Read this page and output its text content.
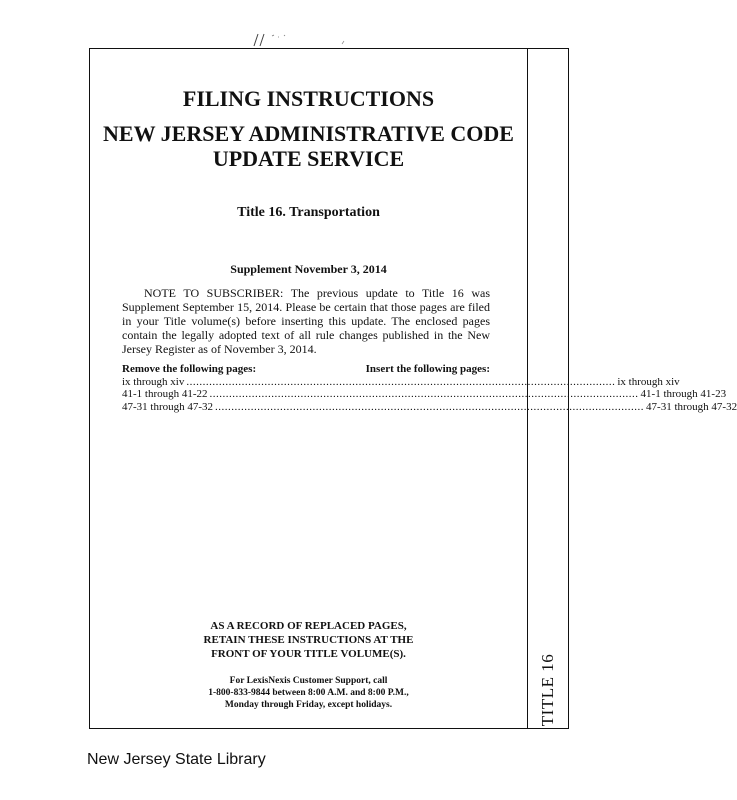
TITLE 16
FILING INSTRUCTIONS
NEW JERSEY ADMINISTRATIVE CODE
UPDATE SERVICE
Title 16. Transportation
Supplement November 3, 2014
NOTE TO SUBSCRIBER: The previous update to Title 16 was Supplement September 15, 2014. Please be certain that those pages are filed in your Title volume(s) before inserting this update. The enclosed pages contain the legally adopted text of all rule changes published in the New Jersey Register as of November 3, 2014.
Remove the following pages:	Insert the following pages:
ix through xiv .................................................................................................................................... ix through xiv
41-1 through 41-22 .................................................................................................................................... 41-1 through 41-23
47-31 through 47-32 .................................................................................................................................... 47-31 through 47-32
AS A RECORD OF REPLACED PAGES,
RETAIN THESE INSTRUCTIONS AT THE
FRONT OF YOUR TITLE VOLUME(S).
For LexisNexis Customer Support, call
1-800-833-9844 between 8:00 A.M. and 8:00 P.M.,
Monday through Friday, except holidays.
New Jersey State Library
